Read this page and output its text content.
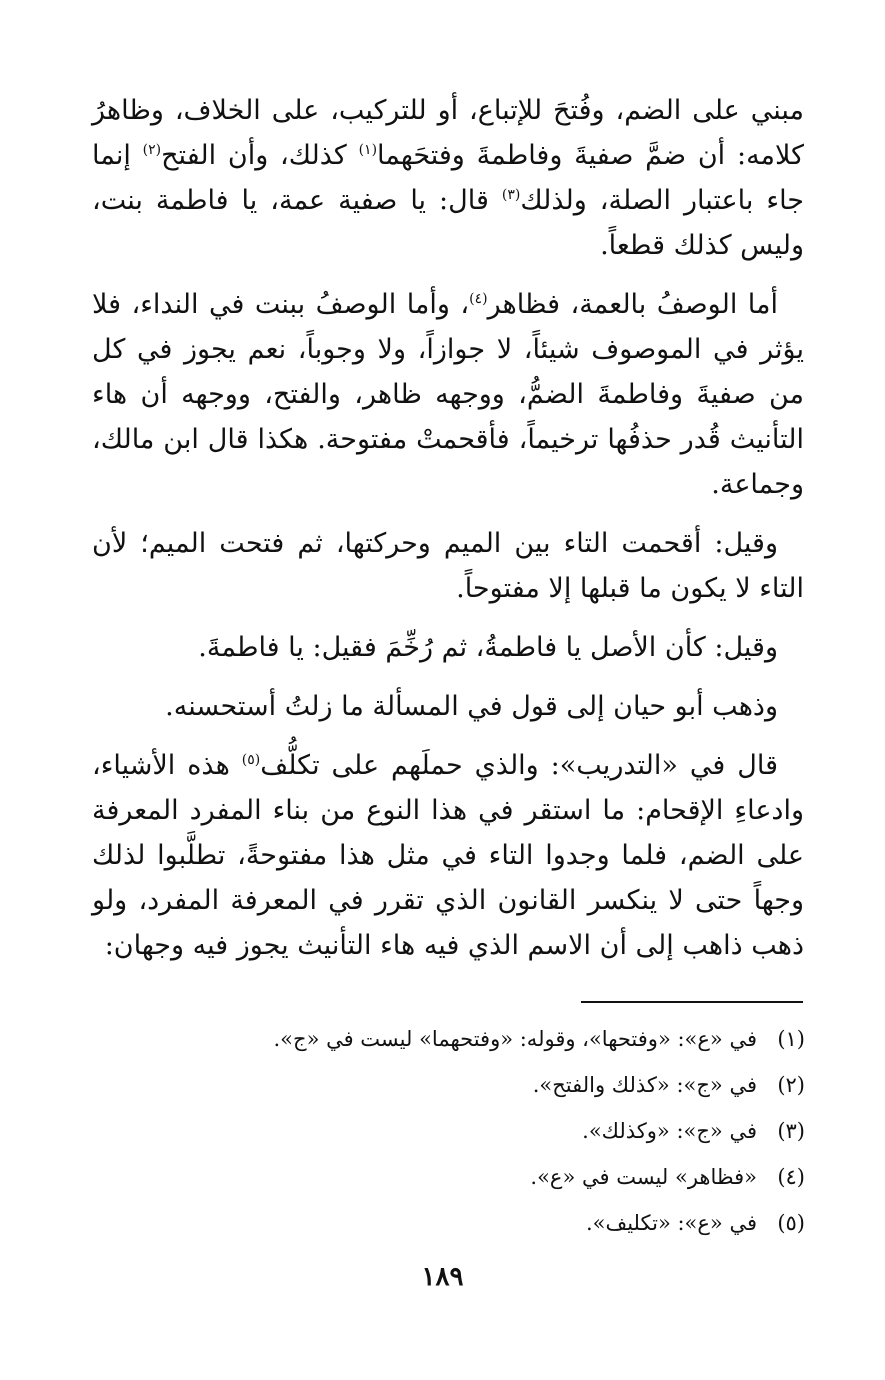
مبني على الضم، وفُتحَ للإتباع، أو للتركيب، على الخلاف، وظاهرُ كلامه: أن ضمَّ صفيةَ وفاطمةَ وفتحَهما$^{(١)}$ كذلك، وأن الفتح$^{(٢)}$ إنما جاء باعتبار الصلة، ولذلك$^{(٣)}$ قال: يا صفية عمة، يا فاطمة بنت، وليس كذلك قطعاً.

أما الوصفُ بالعمة، فظاهر$^{(٤)}$، وأما الوصفُ ببنت في النداء، فلا يؤثر في الموصوف شيئاً، لا جوازاً، ولا وجوباً، نعم يجوز في كل من صفيةَ وفاطمةَ الضمُّ، ووجهه ظاهر، والفتح، ووجهه أن هاء التأنيث قُدر حذفُها ترخيماً، فأقحمتْ مفتوحة. هكذا قال ابن مالك، وجماعة.

وقيل: أقحمت التاء بين الميم وحركتها، ثم فتحت الميم؛ لأن التاء لا يكون ما قبلها إلا مفتوحاً.

وقيل: كأن الأصل يا فاطمةُ، ثم رُخِّمَ فقيل: يا فاطمةَ.

وذهب أبو حيان إلى قول في المسألة ما زلتُ أستحسنه.

قال في «التدريب»: والذي حملَهم على تكلُّف$^{(٥)}$ هذه الأشياء، وادعاءِ الإقحام: ما استقر في هذا النوع من بناء المفرد المعرفة على الضم، فلما وجدوا التاء في مثل هذا مفتوحةً، تطلَّبوا لذلك وجهاً حتى لا ينكسر القانون الذي تقرر في المعرفة المفرد، ولو ذهب ذاهب إلى أن الاسم الذي فيه هاء التأنيث يجوز فيه وجهان:

(١)في «ع»: «وفتحها»، وقوله: «وفتحهما» ليست في «ج».
(٢)في «ج»: «كذلك والفتح».
(٣)في «ج»: «وكذلك».
(٤)«فظاهر» ليست في «ع».
(٥)في «ع»: «تكليف».
١٨٩
